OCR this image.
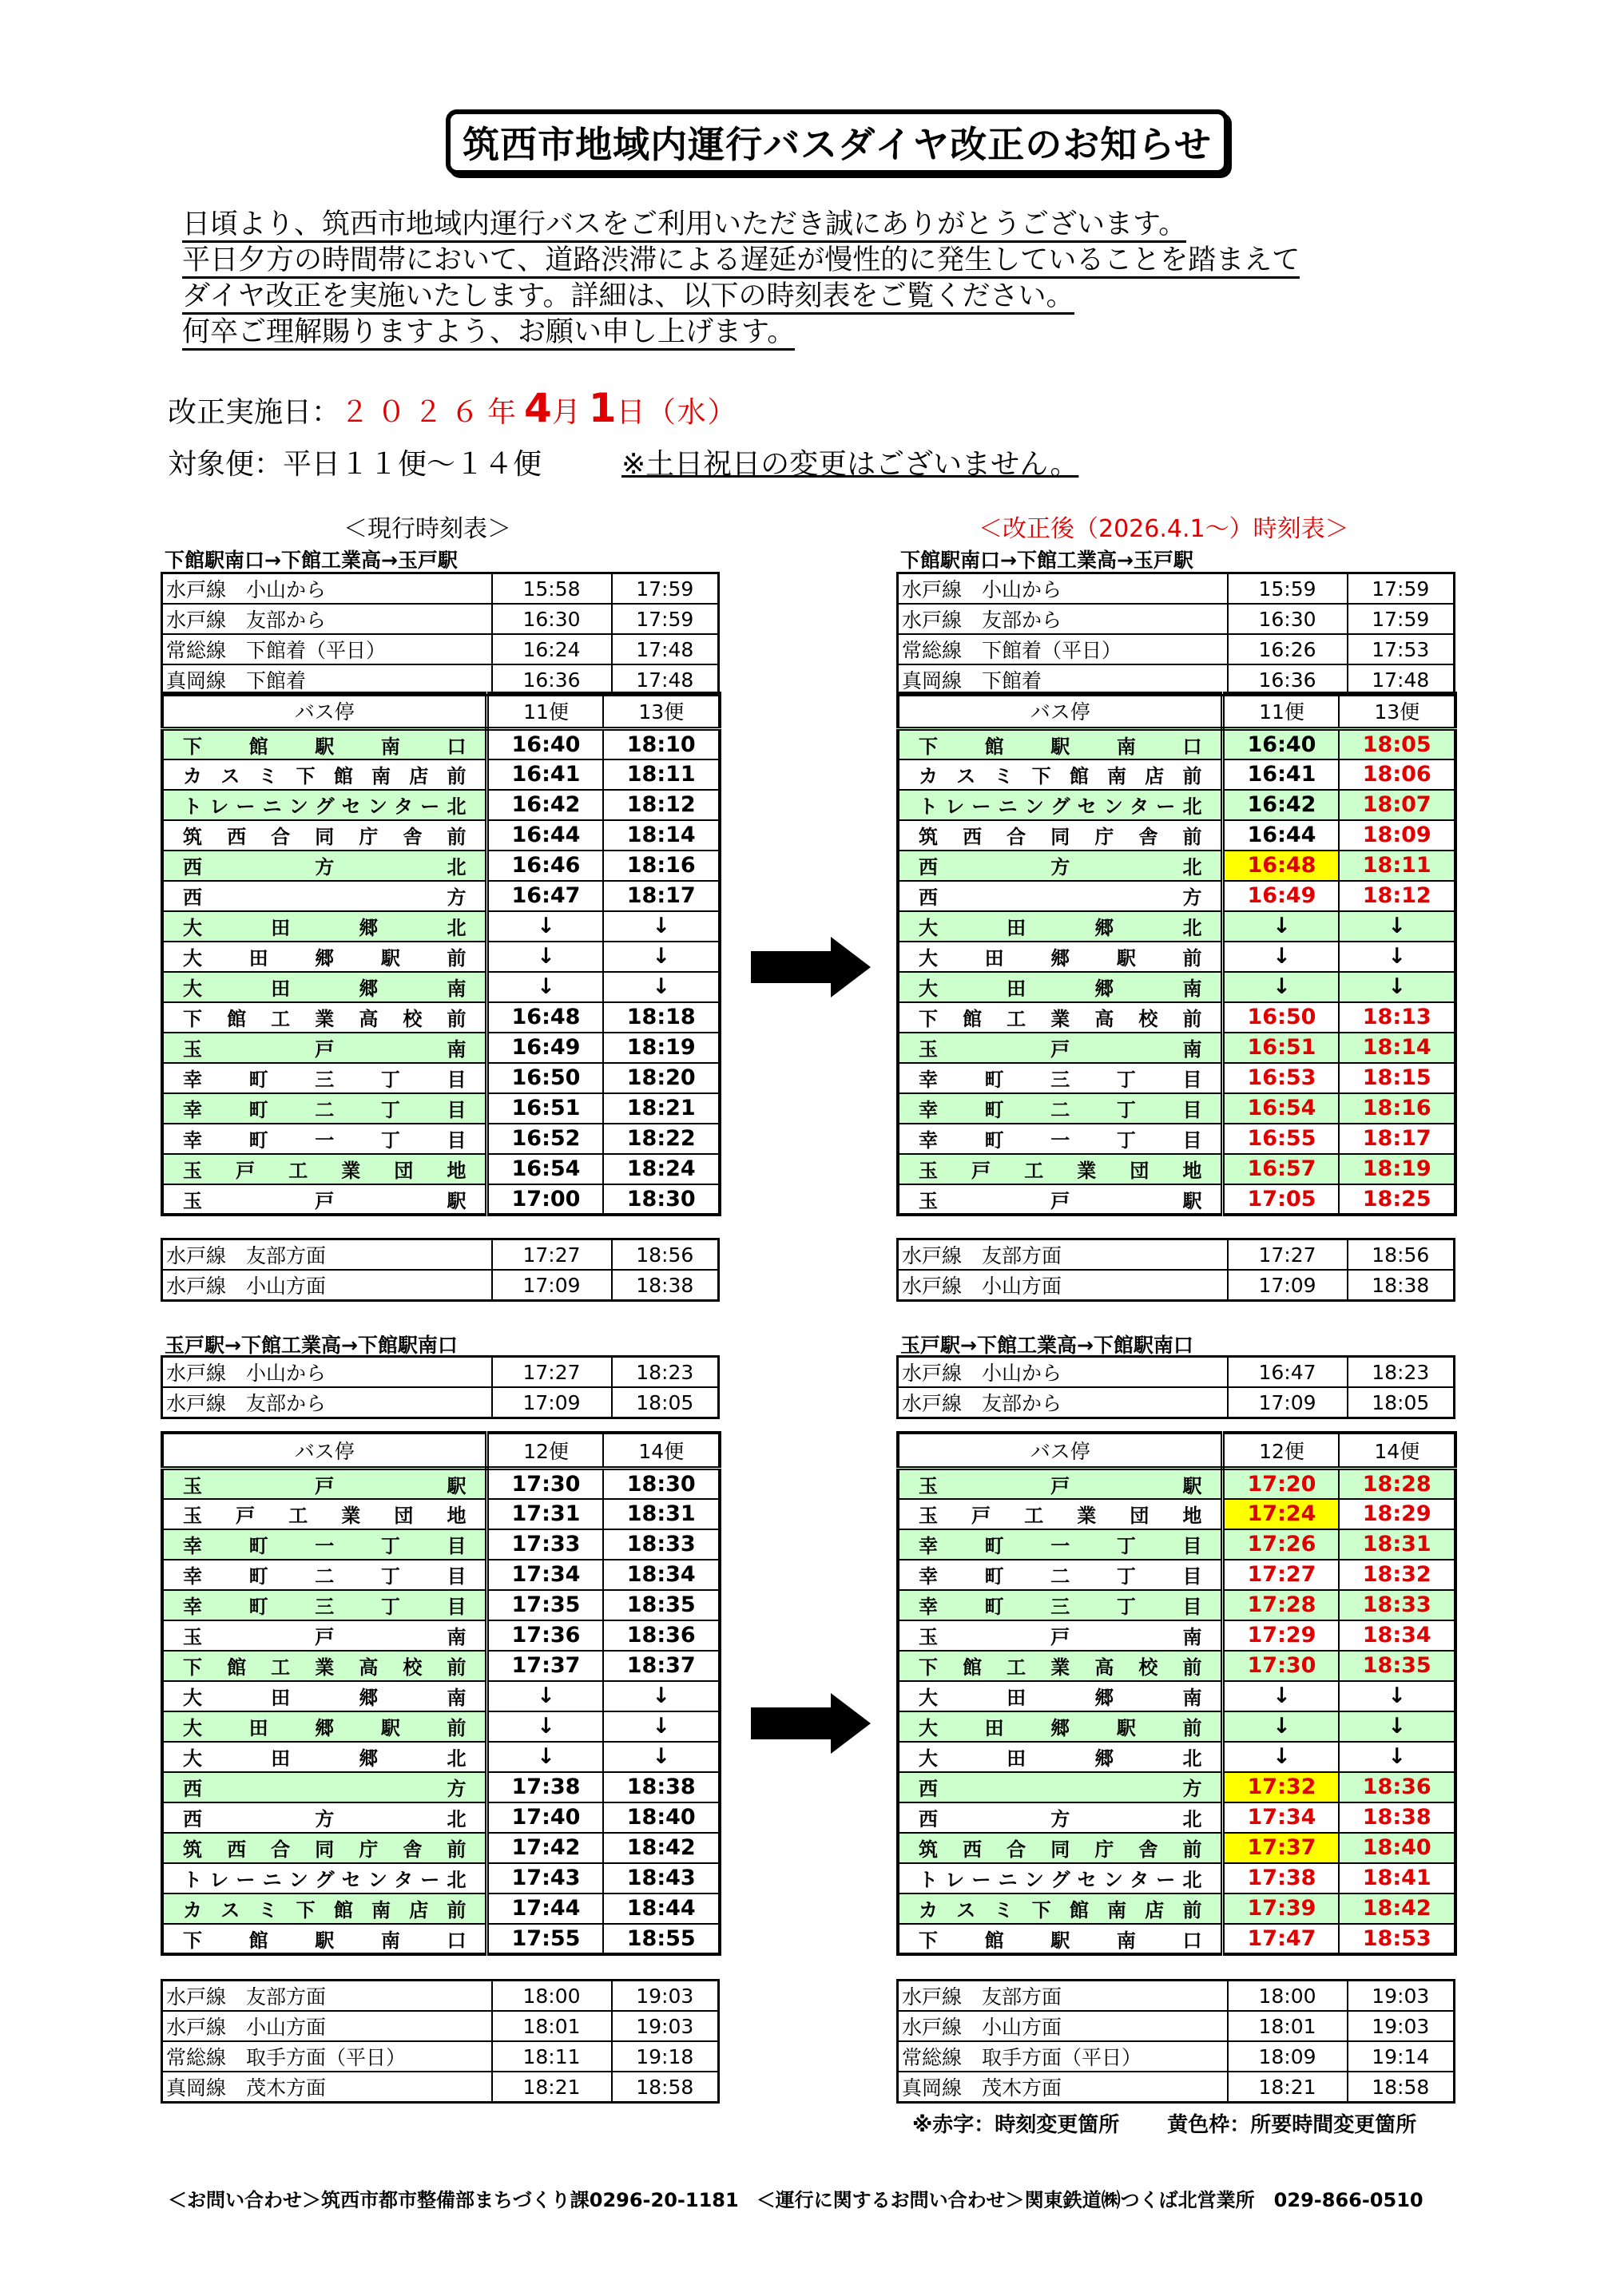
筑西市地域内運行バスダイヤ改正のお知らせ
日頃より、筑西市地域内運行バスをご利用いただき誠にありがとうございます。
平日夕方の時間帯において、道路渋滞による遅延が慢性的に発生していることを踏まえて
ダイヤ改正を実施いたします。詳細は、以下の時刻表をご覧ください。
何卒ご理解賜りますよう、お願い申し上げます。
改正実施日：２０２６年4月1日（水）
対象便：平日１１便～１４便	※土日祝日の変更はございません。
＜現行時刻表＞	＜改正後（2026.4.1～）時刻表＞
下館駅南口→下館工業高→玉戸駅	下館駅南口→下館工業高→玉戸駅
水戸線　小山から	15:58	17:59
水戸線　友部から	16:30	17:59
常総線　下館着（平日）	16:24	17:48
真岡線　下館着	16:36	17:48
水戸線　小山から	15:59	17:59
水戸線　友部から	16:30	17:59
常総線　下館着（平日）	16:26	17:53
真岡線　下館着	16:36	17:48
バス停	11便	13便
下館駅南口	16:40	18:10
カスミ下館南店前	16:41	18:11
トレーニングセンター北	16:42	18:12
筑西合同庁舎前	16:44	18:14
西方北	16:46	18:16
西方	16:47	18:17
大田郷北	↓	↓
大田郷駅前	↓	↓
大田郷南	↓	↓
下館工業高校前	16:48	18:18
玉戸南	16:49	18:19
幸町三丁目	16:50	18:20
幸町二丁目	16:51	18:21
幸町一丁目	16:52	18:22
玉戸工業団地	16:54	18:24
玉戸駅	17:00	18:30
バス停	11便	13便
下館駅南口	16:40	18:05
カスミ下館南店前	16:41	18:06
トレーニングセンター北	16:42	18:07
筑西合同庁舎前	16:44	18:09
西方北	16:48	18:11
西方	16:49	18:12
大田郷北	↓	↓
大田郷駅前	↓	↓
大田郷南	↓	↓
下館工業高校前	16:50	18:13
玉戸南	16:51	18:14
幸町三丁目	16:53	18:15
幸町二丁目	16:54	18:16
幸町一丁目	16:55	18:17
玉戸工業団地	16:57	18:19
玉戸駅	17:05	18:25
水戸線　友部方面	17:27	18:56
水戸線　小山方面	17:09	18:38
水戸線　友部方面	17:27	18:56
水戸線　小山方面	17:09	18:38
玉戸駅→下館工業高→下館駅南口	玉戸駅→下館工業高→下館駅南口
水戸線　小山から	17:27	18:23
水戸線　友部から	17:09	18:05
水戸線　小山から	16:47	18:23
水戸線　友部から	17:09	18:05
バス停	12便	14便
玉戸駅	17:30	18:30
玉戸工業団地	17:31	18:31
幸町一丁目	17:33	18:33
幸町二丁目	17:34	18:34
幸町三丁目	17:35	18:35
玉戸南	17:36	18:36
下館工業高校前	17:37	18:37
大田郷南	↓	↓
大田郷駅前	↓	↓
大田郷北	↓	↓
西方	17:38	18:38
西方北	17:40	18:40
筑西合同庁舎前	17:42	18:42
トレーニングセンター北	17:43	18:43
カスミ下館南店前	17:44	18:44
下館駅南口	17:55	18:55
バス停	12便	14便
玉戸駅	17:20	18:28
玉戸工業団地	17:24	18:29
幸町一丁目	17:26	18:31
幸町二丁目	17:27	18:32
幸町三丁目	17:28	18:33
玉戸南	17:29	18:34
下館工業高校前	17:30	18:35
大田郷南	↓	↓
大田郷駅前	↓	↓
大田郷北	↓	↓
西方	17:32	18:36
西方北	17:34	18:38
筑西合同庁舎前	17:37	18:40
トレーニングセンター北	17:38	18:41
カスミ下館南店前	17:39	18:42
下館駅南口	17:47	18:53
水戸線　友部方面	18:00	19:03
水戸線　小山方面	18:01	19:03
常総線　取手方面（平日）	18:11	19:18
真岡線　茂木方面	18:21	18:58
水戸線　友部方面	18:00	19:03
水戸線　小山方面	18:01	19:03
常総線　取手方面（平日）	18:09	19:14
真岡線　茂木方面	18:21	18:58
※赤字：時刻変更箇所 黄色枠：所要時間変更箇所
＜お問い合わせ＞筑西市都市整備部まちづくり課0296-20-1181 ＜運行に関するお問い合わせ＞関東鉄道㈱つくば北営業所　029-866-0510
